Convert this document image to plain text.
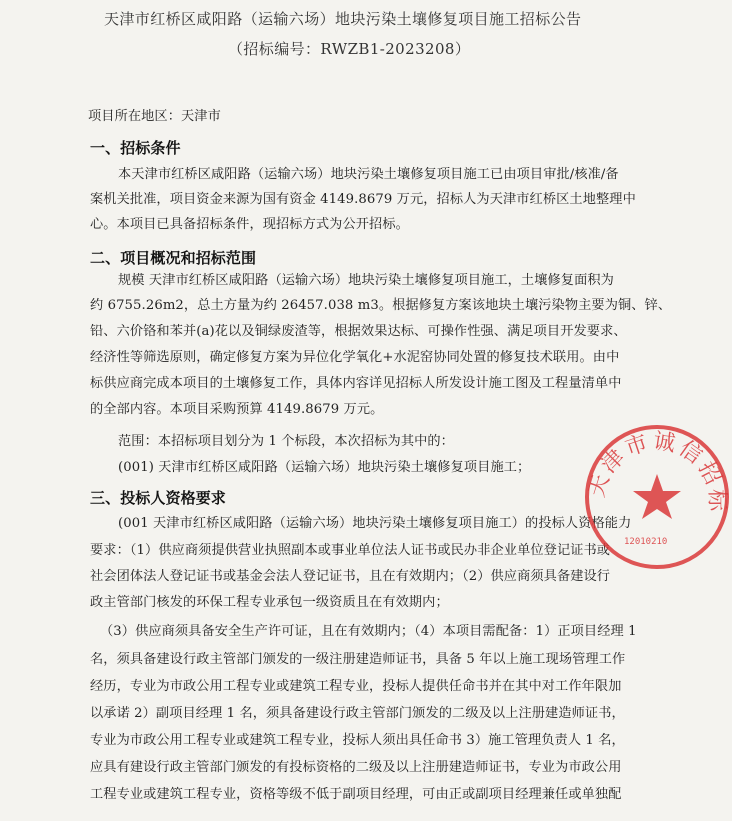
天津市红桥区咸阳路（运输六场）地块污染土壤修复项目施工招标公告
（招标编号：RWZB1-2023208）
项目所在地区：天津市
一、招标条件
本天津市红桥区咸阳路（运输六场）地块污染土壤修复项目施工已由项目审批/核准/备
案机关批准，项目资金来源为国有资金 4149.8679 万元，招标人为天津市红桥区土地整理中
心。本项目已具备招标条件，现招标方式为公开招标。
二、项目概况和招标范围
规模 天津市红桥区咸阳路（运输六场）地块污染土壤修复项目施工，土壤修复面积为
约 6755.26m2，总土方量为约 26457.038 m3。根据修复方案该地块土壤污染物主要为铜、锌、
铅、六价铬和苯并(a)花以及铜绿废渣等，根据效果达标、可操作性强、满足项目开发要求、
经济性等筛选原则，确定修复方案为异位化学氧化+水泥窑协同处置的修复技术联用。由中
标供应商完成本项目的土壤修复工作，具体内容详见招标人所发设计施工图及工程量清单中
的全部内容。本项目采购预算 4149.8679 万元。
范围：本招标项目划分为 1 个标段，本次招标为其中的：
(001) 天津市红桥区咸阳路（运输六场）地块污染土壤修复项目施工；
三、投标人资格要求
(001 天津市红桥区咸阳路（运输六场）地块污染土壤修复项目施工）的投标人资格能力
要求：（1）供应商须提供营业执照副本或事业单位法人证书或民办非企业单位登记证书或
社会团体法人登记证书或基金会法人登记证书，且在有效期内；（2）供应商须具备建设行
政主管部门核发的环保工程专业承包一级资质且在有效期内；
（3）供应商须具备安全生产许可证，且在有效期内；（4）本项目需配备：1）正项目经理 1
名，须具备建设行政主管部门颁发的一级注册建造师证书，具备 5 年以上施工现场管理工作
经历，专业为市政公用工程专业或建筑工程专业，投标人提供任命书并在其中对工作年限加
以承诺 2）副项目经理 1 名，须具备建设行政主管部门颁发的二级及以上注册建造师证书，
专业为市政公用工程专业或建筑工程专业，投标人须出具任命书 3）施工管理负责人 1 名，
应具有建设行政主管部门颁发的有投标资格的二级及以上注册建造师证书，专业为市政公用
工程专业或建筑工程专业，资格等级不低于副项目经理，可由正或副项目经理兼任或单独配
天津市诚信招标
12010210
